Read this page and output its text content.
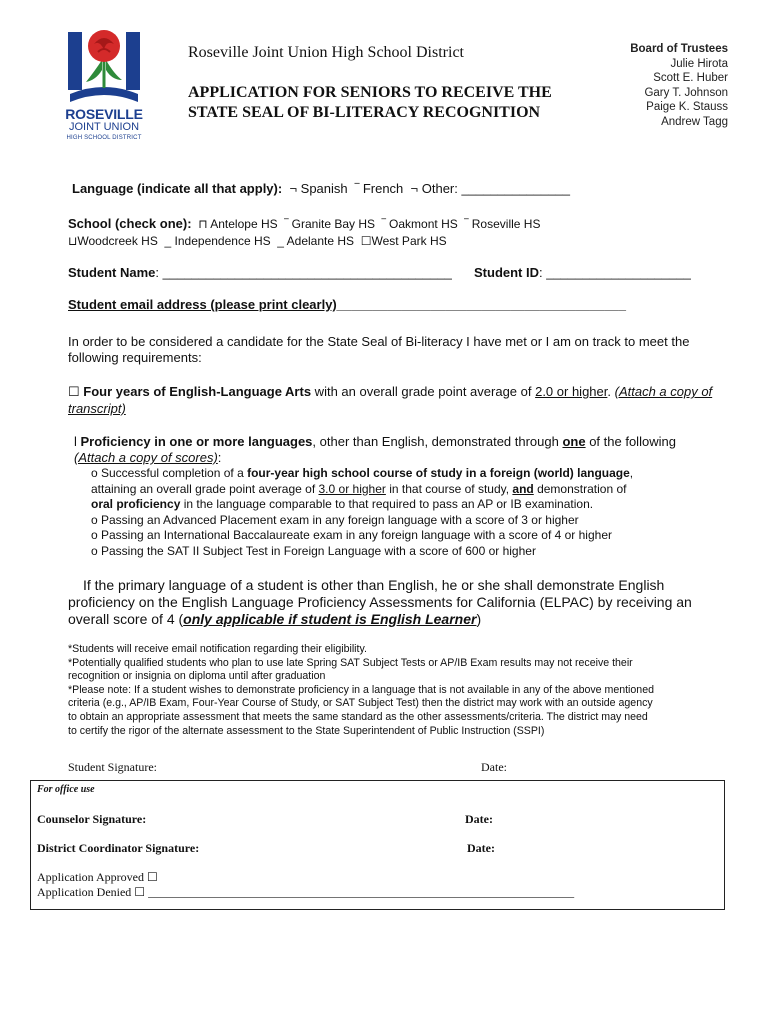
ROSEVILLE
JOINT UNION
HIGH SCHOOL DISTRICT
Roseville Joint Union High School District
APPLICATION FOR SENIORS TO RECEIVE THE
STATE SEAL OF BI-LITERACY RECOGNITION
Board of Trustees
Julie Hirota
Scott E. Huber
Gary T. Johnson
Paige K. Stauss
Andrew Tagg
Language (indicate all that apply):  ¬ Spanish  ‾ French  ¬ Other: _______________
School (check one):  ⊓ Antelope HS  ‾ Granite Bay HS  ‾ Oakmont HS  ‾ Roseville HS
⊔Woodcreek HS  _ Independence HS  _ Adelante HS  ☐West Park HS
Student Name: ________________________________________ Student ID: ____________________
Student email address (please print clearly)________________________________________
In order to be considered a candidate for the State Seal of Bi-literacy I have met or I am on track to meet the following requirements:
☐ Four years of English-Language Arts with an overall grade point average of 2.0 or higher. (Attach a copy of transcript)
l Proficiency in one or more languages, other than English, demonstrated through one of the following
(Attach a copy of scores):
o Successful completion of a four-year high school course of study in a foreign (world) language,
attaining an overall grade point average of 3.0 or higher in that course of study, and demonstration of
oral proficiency in the language comparable to that required to pass an AP or IB examination.
o Passing an Advanced Placement exam in any foreign language with a score of 3 or higher
o Passing an International Baccalaureate exam in any foreign language with a score of 4 or higher
o Passing the SAT II Subject Test in Foreign Language with a score of 600 or higher
If the primary language of a student is other than English, he or she shall demonstrate English
proficiency on the English Language Proficiency Assessments for California (ELPAC) by receiving an
overall score of 4 (only applicable if student is English Learner)
*Students will receive email notification regarding their eligibility.
*Potentially qualified students who plan to use late Spring SAT Subject Tests or AP/IB Exam results may not receive their
recognition or insignia on diploma until after graduation
*Please note: If a student wishes to demonstrate proficiency in a language that is not available in any of the above mentioned
criteria (e.g., AP/IB Exam, Four-Year Course of Study, or SAT Subject Test) then the district may work with an outside agency
to obtain an appropriate assessment that meets the same standard as the other assessments/criteria. The district may need
to certify the rigor of the alternate assessment to the State Superintendent of Public Instruction (SSPI)
Student Signature:	Date:
For office use
Counselor Signature:	Date:
District Coordinator Signature:	Date:
Application Approved ☐
Application Denied ☐ _______________________________________________________________________
